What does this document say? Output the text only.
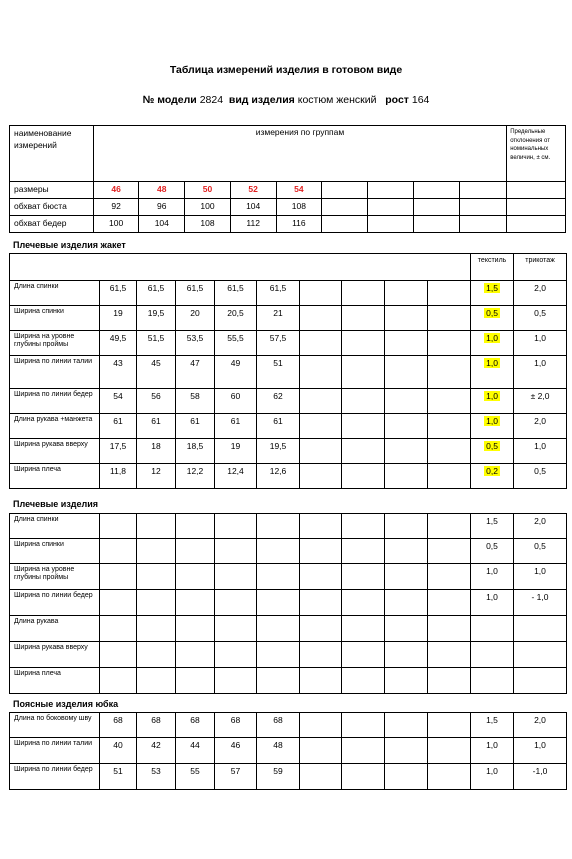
Таблица измерений изделия в готовом виде
№ модели 2824 вид изделия костюм женский рост 164
наименование измерений	измерения по группам									Предельные отклонения от номинальных величин, ± см.
размеры	46	48	50	52	54					
обхват бюста	92	96	100	104	108					
обхват бедер	100	104	108	112	116					
Плечевые изделия жакет
										текстиль	трикотаж
Длина спинки	61,5	61,5	61,5	61,5	61,5					1,5	2,0
Ширина спинки	19	19,5	20	20,5	21					0,5	0,5
Ширина на уровне глубины проймы	49,5	51,5	53,5	55,5	57,5					1,0	1,0
Ширина по линии талии	43	45	47	49	51					1,0	1,0
Ширина по линии бедер	54	56	58	60	62					1,0	± 2,0
Длина рукава +манжета	61	61	61	61	61					1,0	2,0
Ширина рукава вверху	17,5	18	18,5	19	19,5					0,5	1,0
Ширина плеча	11,8	12	12,2	12,4	12,6					0,2	0,5
Плечевые изделия
Длина спинки										1,5	2,0
Ширина спинки										0,5	0,5
Ширина на уровне глубины проймы										1,0	1,0
Ширина по линии бедер										1,0	- 1,0
Длина рукава											
Ширина рукава вверху											
Ширина плеча											
Поясные изделия юбка
Длина по боковому шву	68	68	68	68	68					1,5	2,0
Ширина по линии талии	40	42	44	46	48					1,0	1,0
Ширина по линии бедер	51	53	55	57	59					1,0	-1,0
